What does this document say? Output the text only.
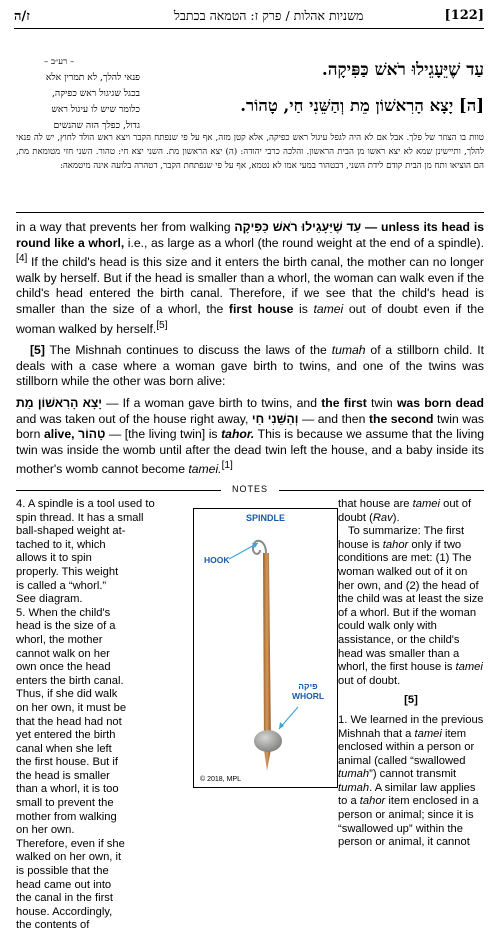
ז/ה	משניות אהלות / פרק ז: הטמאה בכתבל	[122]
– רע״ב –
פנאי להלך, לא תמרין אלא
בכגל שגיגול ראש כפיקה,
כלומר שיש לו עיגול ראש
גדול, כפלך הזה שהנשים
עַד שֶׁיֵּעָגֵילוּ רֹאשׁ כַּפִּיקָה.
[ה] יָצָא הָרִאשׁוֹן מֵת וְהַשֵּׁנִי חַי, טָהוֹר.
טוות בו הצוזר של פלך. אבל אם לא היה לגפל עיגול ראש כפיקה, אלא קטן מזה, אף על פי שנפתח הקבר ויצא ראש הולד לחוץ, יש לה פנאי להלך, ותיישינן שמא לא יצא ראשו מן הבית הראשון. והלכה כרבי יהודה: (ה) יצא הראשון מת. השני יצא חי: טהור. השני חזי מטומאת מת, הם הוציאו ותח מן הבית קודם לידת השני, דבטהור במעי אמו לא נטמא, אף על פי שנפתחת הקבר, דטהרה בלועה אינה מיטמאה:

in a way that prevents her from walking עַד שֶׁיֵּעָגֵילוּ רֹאשׁ כַּפִּיקָה — unless its head is round like a whorl, i.e., as large as a whorl (the round weight at the end of a spindle).[4] If the child's head is this size and it enters the birth canal, the mother can no longer walk by herself. But if the head is smaller than a whorl, the woman can walk even if the child's head entered the birth canal. Therefore, if we see that the child's head is smaller than the size of a whorl, the first house is tamei out of doubt even if the woman walked by herself.[5]

[5] The Mishnah continues to discuss the laws of the tumah of a stillborn child. It deals with a case where a woman gave birth to twins, and one of the twins was stillborn while the other was born alive:

יָצָא הָרִאשׁוֹן מֵת — If a woman gave birth to twins, and the first twin was born dead and was taken out of the house right away, וְהַשֵּׁנִי חַי — and then the second twin was born alive, טָהוֹר — [the living twin] is tahor. This is because we assume that the living twin was inside the womb until after the dead twin left the house, and a baby inside its mother's womb cannot become tamei.[1]

NOTES

4. A spindle is a tool used to spin thread. It has a small ball-shaped weight at-

tached to it, which allows it to spin properly. This weight is called a “whorl.” See diagram.

5. When the child's head is the size of a whorl, the mother cannot walk on her own once the head enters the birth canal. Thus, if she did walk on her own, it must be that the head had not yet entered the birth canal when she left the first house. But if the head is smaller than a whorl, it is too small to prevent the mother from walking on her own. Therefore, even if she walked on her own, it is possible that the head came out into the canal in the first house. Accordingly, the contents of

SPINDLE
HOOK
פיקה
WHORL
© 2018, MPL

that house are tamei out of doubt (Rav).

To summarize: The first house is tahor only if two conditions are met: (1) The woman walked out of it on her own, and (2) the head of the child was at least the size of a whorl. But if the woman could walk only with assistance, or the child's head was smaller than a whorl, the first house is tamei out of doubt.

[5]

1. We learned in the previous Mishnah that a tamei item enclosed within a person or animal (called “swallowed tumah”) cannot transmit tumah. A similar law applies to a tahor item enclosed in a person or animal; since it is “swallowed up” within the person or animal, it cannot
